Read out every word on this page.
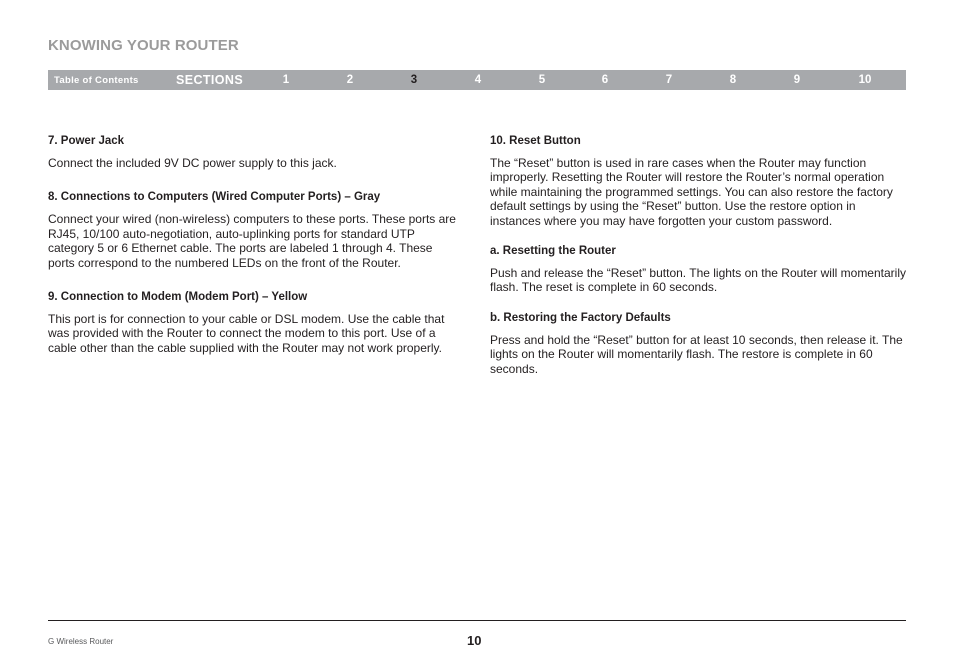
KNOWING YOUR ROUTER
Table of Contents	SECTIONS	1	2	3	4	5	6	7	8	9	10
7. Power Jack
Connect the included 9V DC power supply to this jack.
8. Connections to Computers (Wired Computer Ports) – Gray
Connect your wired (non-wireless) computers to these ports. These ports are RJ45, 10/100 auto-negotiation, auto-uplinking ports for standard UTP category 5 or 6 Ethernet cable. The ports are labeled 1 through 4. These ports correspond to the numbered LEDs on the front of the Router.
9. Connection to Modem (Modem Port) – Yellow
This port is for connection to your cable or DSL modem. Use the cable that was provided with the Router to connect the modem to this port. Use of a cable other than the cable supplied with the Router may not work properly.
10. Reset Button
The “Reset” button is used in rare cases when the Router may function improperly. Resetting the Router will restore the Router’s normal operation while maintaining the programmed settings. You can also restore the factory default settings by using the “Reset” button. Use the restore option in instances where you may have forgotten your custom password.
a. Resetting the Router
Push and release the “Reset” button. The lights on the Router will momentarily flash. The reset is complete in 60 seconds.
b. Restoring the Factory Defaults
Press and hold the “Reset” button for at least 10 seconds, then release it. The lights on the Router will momentarily flash. The restore is complete in 60 seconds.
G Wireless Router	10
